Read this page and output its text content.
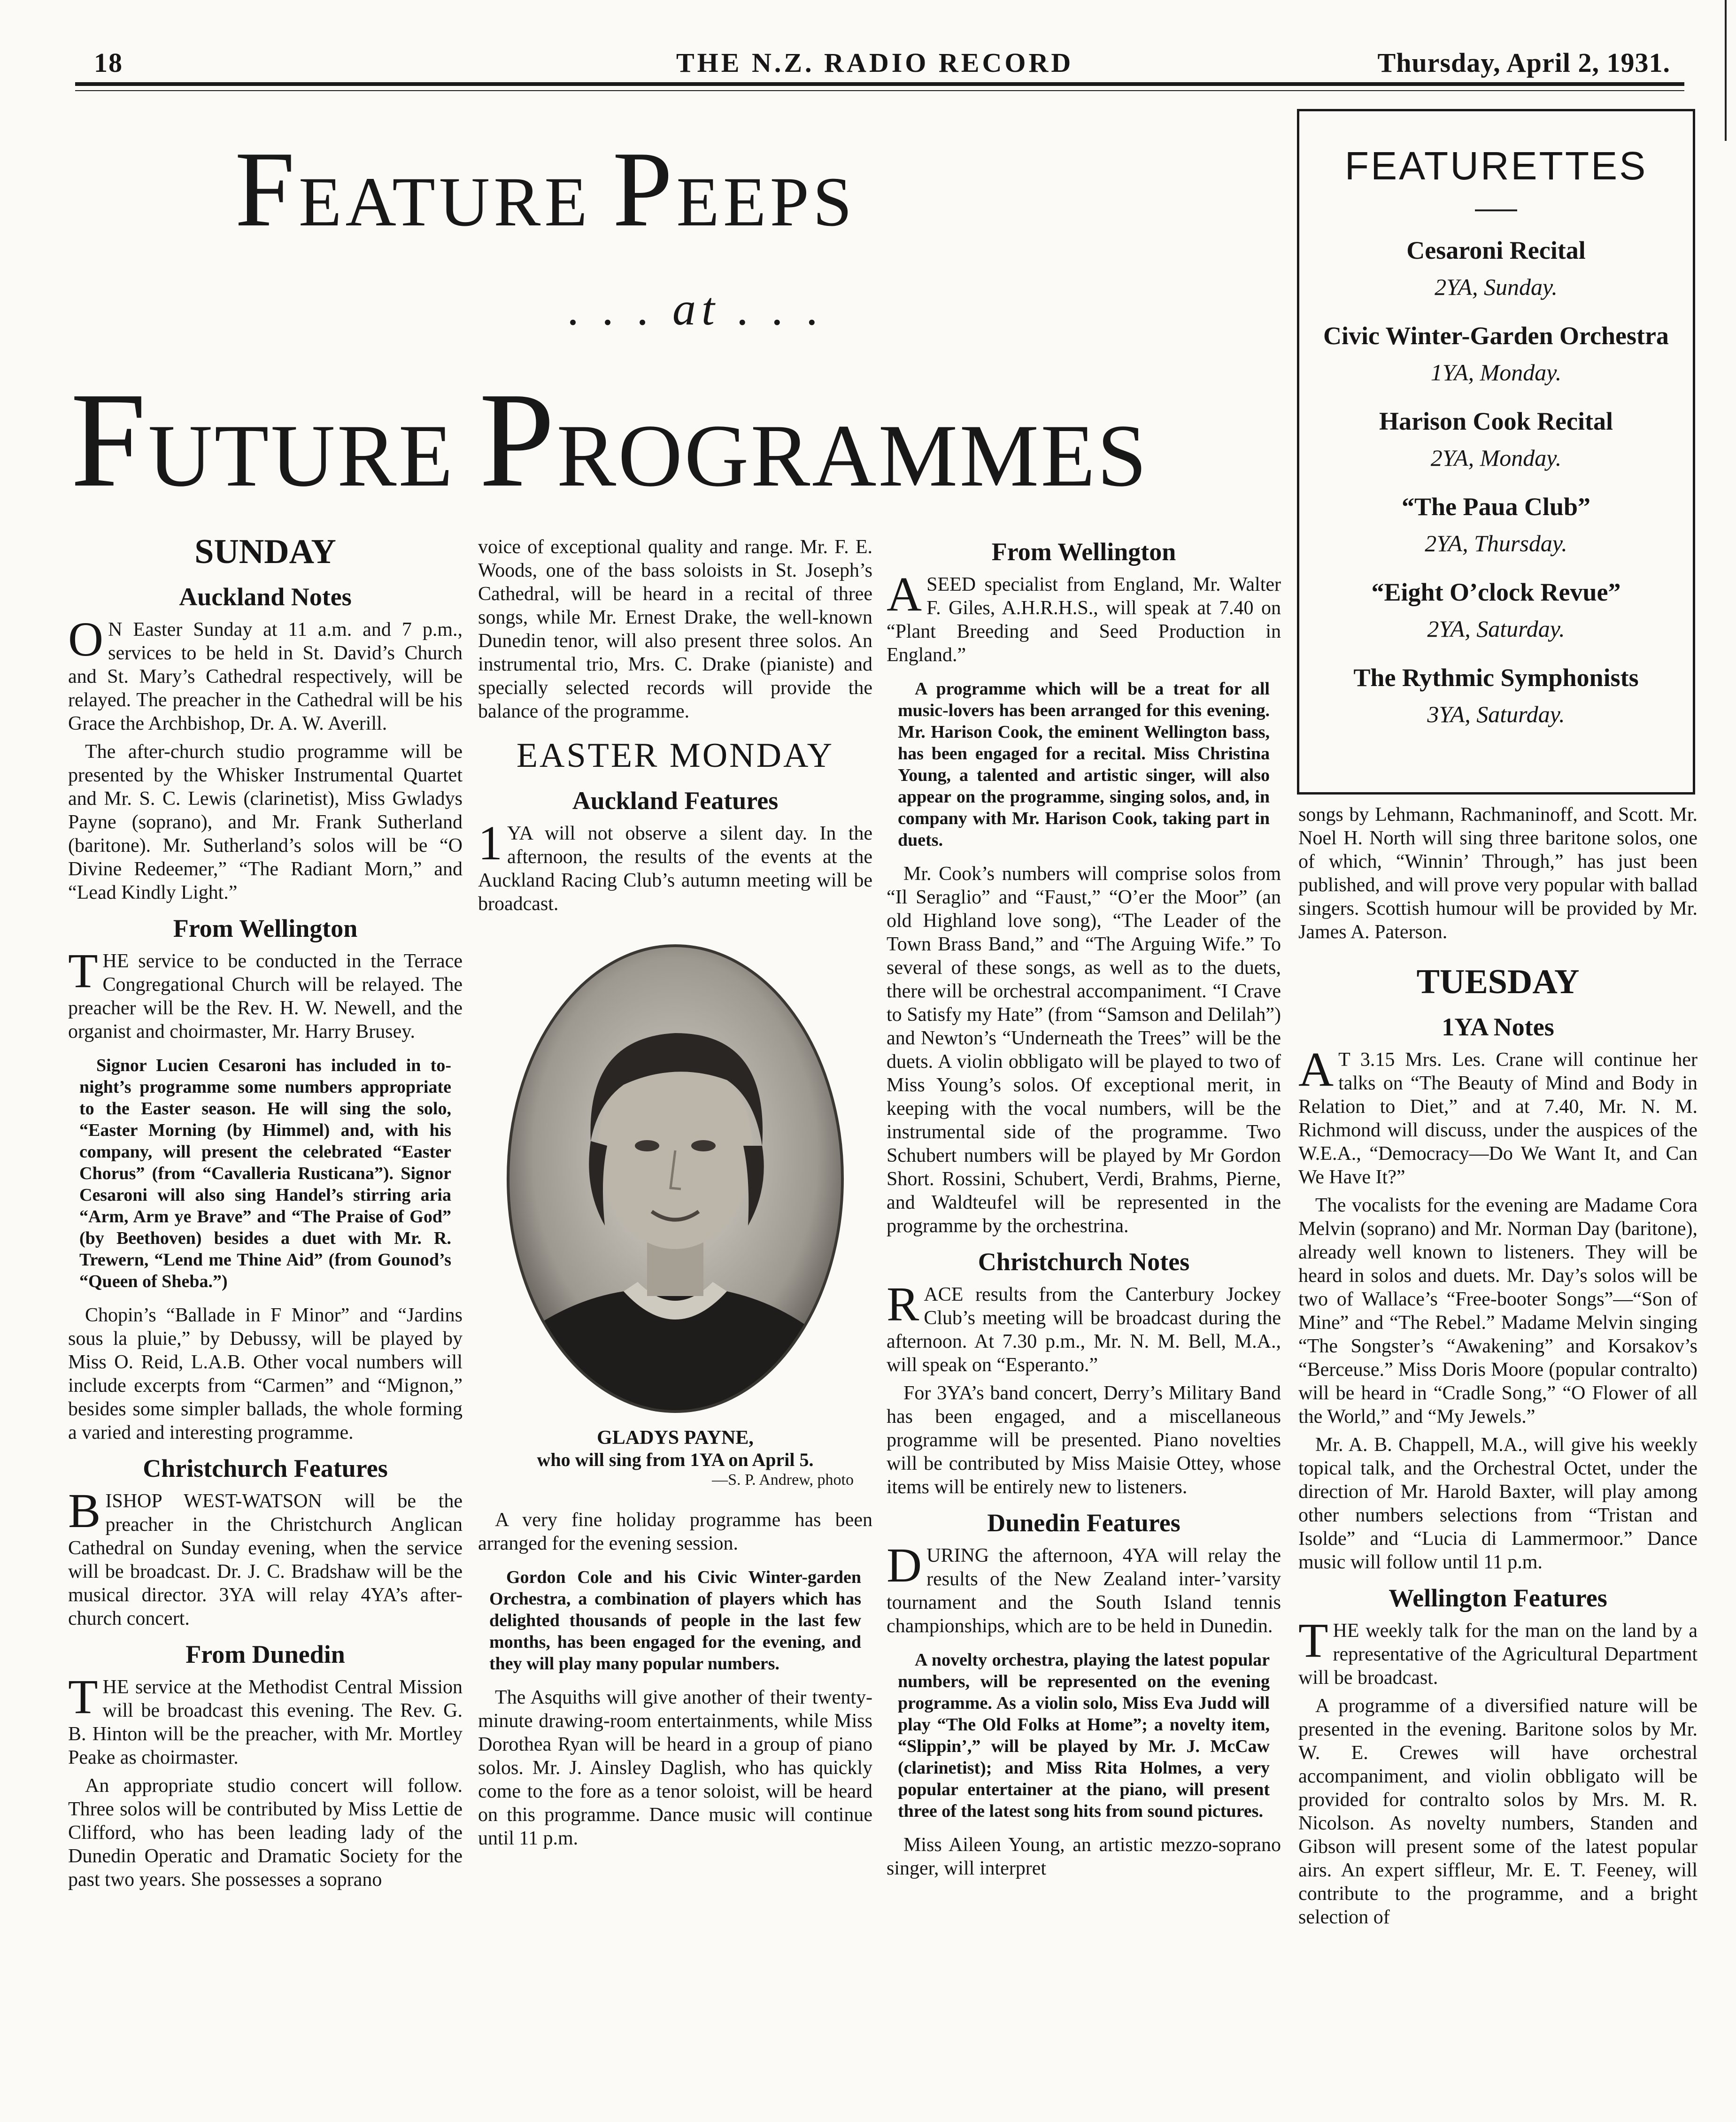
18	THE N.Z. RADIO RECORD	Thursday, April 2, 1931.
FEATURE PEEPS
. . . at . . .
FUTURE PROGRAMMES
FEATURETTES
Cesaroni Recital
2YA, Sunday.
Civic Winter-Garden Orchestra
1YA, Monday.
Harison Cook Recital
2YA, Monday.
“The Paua Club”
2YA, Thursday.
“Eight O’clock Revue”
2YA, Saturday.
The Rythmic Symphonists
3YA, Saturday.
SUNDAY
Auckland Notes

ON Easter Sunday at 11 a.m. and 7 p.m., services to be held in St. David’s Church and St. Mary’s Cathedral respectively, will be relayed. The preacher in the Cathedral will be his Grace the Archbishop, Dr. A. W. Averill.

The after-church studio programme will be presented by the Whisker Instrumental Quartet and Mr. S. C. Lewis (clarinetist), Miss Gwladys Payne (soprano), and Mr. Frank Sutherland (baritone). Mr. Sutherland’s solos will be “O Divine Redeemer,” “The Radiant Morn,” and “Lead Kindly Light.”

From Wellington

THE service to be conducted in the Terrace Congregational Church will be relayed. The preacher will be the Rev. H. W. Newell, and the organist and choirmaster, Mr. Harry Brusey.

Signor Lucien Cesaroni has included in to-night’s programme some numbers appropriate to the Easter season. He will sing the solo, “Easter Morning (by Himmel) and, with his company, will present the celebrated “Easter Chorus” (from “Cavalleria Rusticana”). Signor Cesaroni will also sing Handel’s stirring aria “Arm, Arm ye Brave” and “The Praise of God” (by Beethoven) besides a duet with Mr. R. Trewern, “Lend me Thine Aid” (from Gounod’s “Queen of Sheba.”)

Chopin’s “Ballade in F Minor” and “Jardins sous la pluie,” by Debussy, will be played by Miss O. Reid, L.A.B. Other vocal numbers will include excerpts from “Carmen” and “Mignon,” besides some simpler ballads, the whole forming a varied and interesting programme.

Christchurch Features

BISHOP WEST-WATSON will be the preacher in the Christchurch Anglican Cathedral on Sunday evening, when the service will be broadcast. Dr. J. C. Bradshaw will be the musical director. 3YA will relay 4YA’s after-church concert.

From Dunedin

THE service at the Methodist Central Mission will be broadcast this evening. The Rev. G. B. Hinton will be the preacher, with Mr. Mortley Peake as choirmaster.

An appropriate studio concert will follow. Three solos will be contributed by Miss Lettie de Clifford, who has been leading lady of the Dunedin Operatic and Dramatic Society for the past two years. She possesses a soprano

voice of exceptional quality and range. Mr. F. E. Woods, one of the bass soloists in St. Joseph’s Cathedral, will be heard in a recital of three songs, while Mr. Ernest Drake, the well-known Dunedin tenor, will also present three solos. An instrumental trio, Mrs. C. Drake (pianiste) and specially selected records will provide the balance of the programme.

EASTER MONDAY
Auckland Features

1YA will not observe a silent day. In the afternoon, the results of the events at the Auckland Racing Club’s autumn meeting will be broadcast.

GLADYS PAYNE,
who will sing from 1YA on April 5.
—S. P. Andrew, photo

A very fine holiday programme has been arranged for the evening session.

Gordon Cole and his Civic Winter-garden Orchestra, a combination of players which has delighted thousands of people in the last few months, has been engaged for the evening, and they will play many popular numbers.

The Asquiths will give another of their twenty-minute drawing-room entertainments, while Miss Dorothea Ryan will be heard in a group of piano solos. Mr. J. Ainsley Daglish, who has quickly come to the fore as a tenor soloist, will be heard on this programme. Dance music will continue until 11 p.m.

From Wellington

ASEED specialist from England, Mr. Walter F. Giles, A.H.R.H.S., will speak at 7.40 on “Plant Breeding and Seed Production in England.”

A programme which will be a treat for all music-lovers has been arranged for this evening. Mr. Harison Cook, the eminent Wellington bass, has been engaged for a recital. Miss Christina Young, a talented and artistic singer, will also appear on the programme, singing solos, and, in company with Mr. Harison Cook, taking part in duets.

Mr. Cook’s numbers will comprise solos from “Il Seraglio” and “Faust,” “O’er the Moor” (an old Highland love song), “The Leader of the Town Brass Band,” and “The Arguing Wife.” To several of these songs, as well as to the duets, there will be orchestral accompaniment. “I Crave to Satisfy my Hate” (from “Samson and Delilah”) and Newton’s “Underneath the Trees” will be the duets. A violin obbligato will be played to two of Miss Young’s solos. Of exceptional merit, in keeping with the vocal numbers, will be the instrumental side of the programme. Two Schubert numbers will be played by Mr Gordon Short. Rossini, Schubert, Verdi, Brahms, Pierne, and Waldteufel will be represented in the programme by the orchestrina.

Christchurch Notes

RACE results from the Canterbury Jockey Club’s meeting will be broadcast during the afternoon. At 7.30 p.m., Mr. N. M. Bell, M.A., will speak on “Esperanto.”

For 3YA’s band concert, Derry’s Military Band has been engaged, and a miscellaneous programme will be presented. Piano novelties will be contributed by Miss Maisie Ottey, whose items will be entirely new to listeners.

Dunedin Features

DURING the afternoon, 4YA will relay the results of the New Zealand inter-’varsity tournament and the South Island tennis championships, which are to be held in Dunedin.

A novelty orchestra, playing the latest popular numbers, will be represented on the evening programme. As a violin solo, Miss Eva Judd will play “The Old Folks at Home”; a novelty item, “Slippin’,” will be played by Mr. J. McCaw (clarinetist); and Miss Rita Holmes, a very popular entertainer at the piano, will present three of the latest song hits from sound pictures.

Miss Aileen Young, an artistic mezzo-soprano singer, will interpret

songs by Lehmann, Rachmaninoff, and Scott. Mr. Noel H. North will sing three baritone solos, one of which, “Winnin’ Through,” has just been published, and will prove very popular with ballad singers. Scottish humour will be provided by Mr. James A. Paterson.

TUESDAY
1YA Notes

AT 3.15 Mrs. Les. Crane will continue her talks on “The Beauty of Mind and Body in Relation to Diet,” and at 7.40, Mr. N. M. Richmond will discuss, under the auspices of the W.E.A., “Democracy—Do We Want It, and Can We Have It?”

The vocalists for the evening are Madame Cora Melvin (soprano) and Mr. Norman Day (baritone), already well known to listeners. They will be heard in solos and duets. Mr. Day’s solos will be two of Wallace’s “Free-booter Songs”—“Son of Mine” and “The Rebel.” Madame Melvin singing “The Songster’s “Awakening” and Korsakov’s “Berceuse.” Miss Doris Moore (popular contralto) will be heard in “Cradle Song,” “O Flower of all the World,” and “My Jewels.”

Mr. A. B. Chappell, M.A., will give his weekly topical talk, and the Orchestral Octet, under the direction of Mr. Harold Baxter, will play among other numbers selections from “Tristan and Isolde” and “Lucia di Lammermoor.” Dance music will follow until 11 p.m.

Wellington Features

THE weekly talk for the man on the land by a representative of the Agricultural Department will be broadcast.

A programme of a diversified nature will be presented in the evening. Baritone solos by Mr. W. E. Crewes will have orchestral accompaniment, and violin obbligato will be provided for contralto solos by Mrs. M. R. Nicolson. As novelty numbers, Standen and Gibson will present some of the latest popular airs. An expert siffleur, Mr. E. T. Feeney, will contribute to the programme, and a bright selection of
